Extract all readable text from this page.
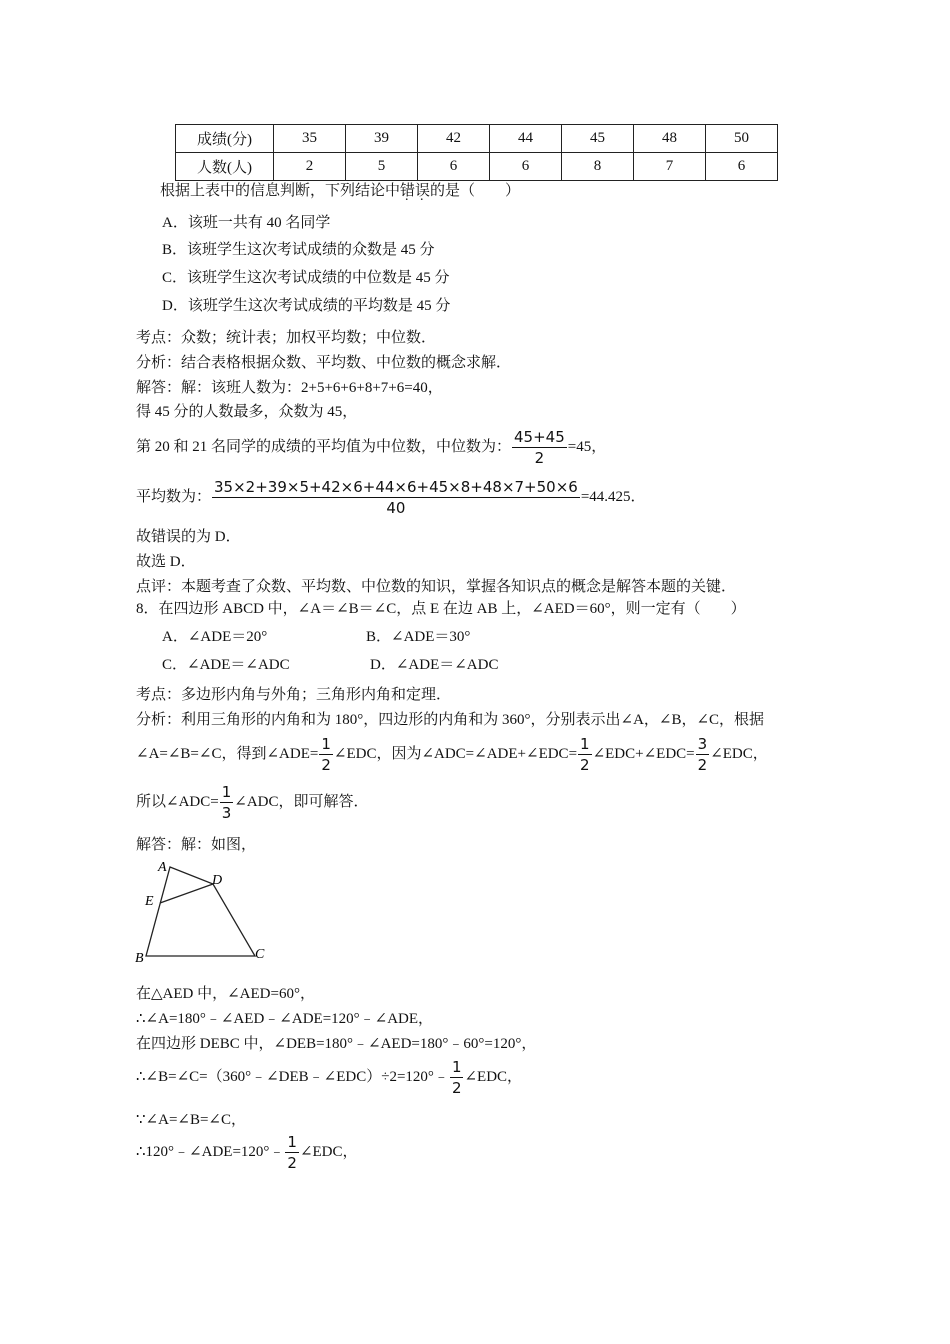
成绩(分)	35	39	42	44	45	48	50
人数(人)	2	5	6	6	8	7	6
根据上表中的信息判断，下列结论中错误的是（　　）
A．该班一共有 40 名同学
B．该班学生这次考试成绩的众数是 45 分
C．该班学生这次考试成绩的中位数是 45 分
D．该班学生这次考试成绩的平均数是 45 分
考点：众数；统计表；加权平均数；中位数．
分析：结合表格根据众数、平均数、中位数的概念求解．
解答：解：该班人数为：2+5+6+6+8+7+6=40，
得 45 分的人数最多，众数为 45，
第 20 和 21 名同学的成绩的平均值为中位数，中位数为： $\frac{45+45}{2} =45$，
平均数为： $\frac{35\times 2+39\times 5+42\times 6+44\times 6+45\times 8+48\times 7+50\times 6}{40} =44.425$．
故错误的为 D．
故选 D．
点评：本题考查了众数、平均数、中位数的知识，掌握各知识点的概念是解答本题的关键．
8．在四边形 ABCD 中，∠A＝∠B＝∠C，点 E 在边 AB 上，∠AED＝60°，则一定有（　　）
A．∠ADE＝20°	B．∠ADE＝30°
C．∠ADE＝∠ADC	D．∠ADE＝∠ADC
考点：多边形内角与外角；三角形内角和定理．
分析：利用三角形的内角和为 180°，四边形的内角和为 360°，分别表示出∠A，∠B，∠C，根据
∠A=∠B=∠C，得到∠ADE= $\frac{1}{2}$ ∠EDC，因为∠ADC=∠ADE+∠EDC= $\frac{1}{2}$ ∠EDC+∠EDC= $\frac{3}{2}$ ∠EDC，
所以∠ADC= $\frac{1}{3}$ ∠ADC，即可解答．
解答：解：如图，
A
D
E
B	C
在△AED 中，∠AED=60°，
∴∠A=180°﹣∠AED﹣∠ADE=120°﹣∠ADE，
在四边形 DEBC 中，∠DEB=180°﹣∠AED=180°﹣60°=120°，
∴∠B=∠C=（360°﹣∠DEB﹣∠EDC）÷2=120°﹣ $\frac{1}{2}$ ∠EDC，
∵∠A=∠B=∠C，
∴120°﹣∠ADE=120°﹣ $\frac{1}{2}$ ∠EDC，
